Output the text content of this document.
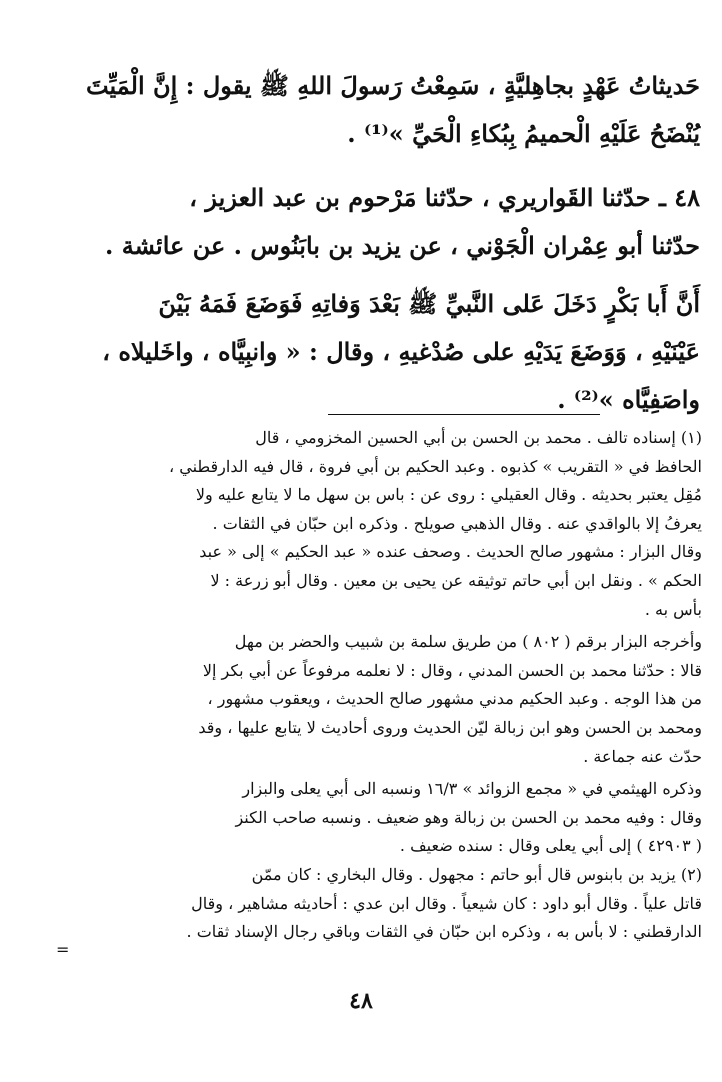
حَديثاتُ عَهْدٍ بجاهِليَّةٍ ، سَمِعْتُ رَسولَ اللهِ ﷺ يقول : إِنَّ الْمَيِّتَ
يُنْضَحُ عَلَيْهِ الْحميمُ بِبُكاءِ الْحَيِّ »⁽¹⁾ .
٤٨ ـ حدّثنا القَواريري ، حدّثنا مَرْحوم بن عبد العزيز ،
حدّثنا أبو عِمْران الْجَوْني ، عن يزيد بن بابَنُوس . عن عائشة .
أَنَّ أَبا بَكْرٍ دَخَلَ عَلى النَّبيِّ ﷺ بَعْدَ وَفاتِهِ فَوَضَعَ فَمَهُ بَيْنَ
عَيْنَيْهِ ، وَوَضَعَ يَدَيْهِ على صُدْغيهِ ، وقال : « وانبِيَّاه ، واخَليلاه ،
واصَفِيَّاه »⁽²⁾ .
(١) إسناده تالف . محمد بن الحسن بن أبي الحسين المخزومي ، قال
الحافظ في « التقريب » كذبوه . وعبد الحكيم بن أبي فروة ، قال فيه الدارقطني ،
مُقِل يعتبر بحديثه . وقال العقيلي : روى عن : باس بن سهل ما لا يتابع عليه ولا
يعرفُ إلا بالواقدي عنه . وقال الذهبي صويلح . وذكره ابن حبّان في الثقات .
وقال البزار : مشهور صالح الحديث . وصحف عنده « عبد الحكيم » إلى « عبد
الحكم » . ونقل ابن أبي حاتم توثيقه عن يحيى بن معين . وقال أبو زرعة : لا
بأس به .
وأخرجه البزار برقم ( ٨٠٢ ) من طريق سلمة بن شبيب والحضر بن مهل
قالا : حدّثنا محمد بن الحسن المدني ، وقال : لا نعلمه مرفوعاً عن أبي بكر إلا
من هذا الوجه . وعبد الحكيم مدني مشهور صالح الحديث ، ويعقوب مشهور ،
ومحمد بن الحسن وهو ابن زبالة ليّن الحديث وروى أحاديث لا يتابع عليها ، وقد
حدّث عنه جماعة .
وذكره الهيثمي في « مجمع الزوائد » ١٦/٣ ونسبه الى أبي يعلى والبزار
وقال : وفيه محمد بن الحسن بن زبالة وهو ضعيف . ونسبه صاحب الكنز
( ٤٢٩٠٣ ) إلى أبي يعلى وقال : سنده ضعيف .
(٢) يزيد بن بابنوس قال أبو حاتم : مجهول . وقال البخاري : كان ممّن
قاتل علياً . وقال أبو داود : كان شيعياً . وقال ابن عدي : أحاديثه مشاهير ، وقال
الدارقطني : لا بأس به ، وذكره ابن حبّان في الثقات وباقي رجال الإسناد ثقات .
=
٤٨
